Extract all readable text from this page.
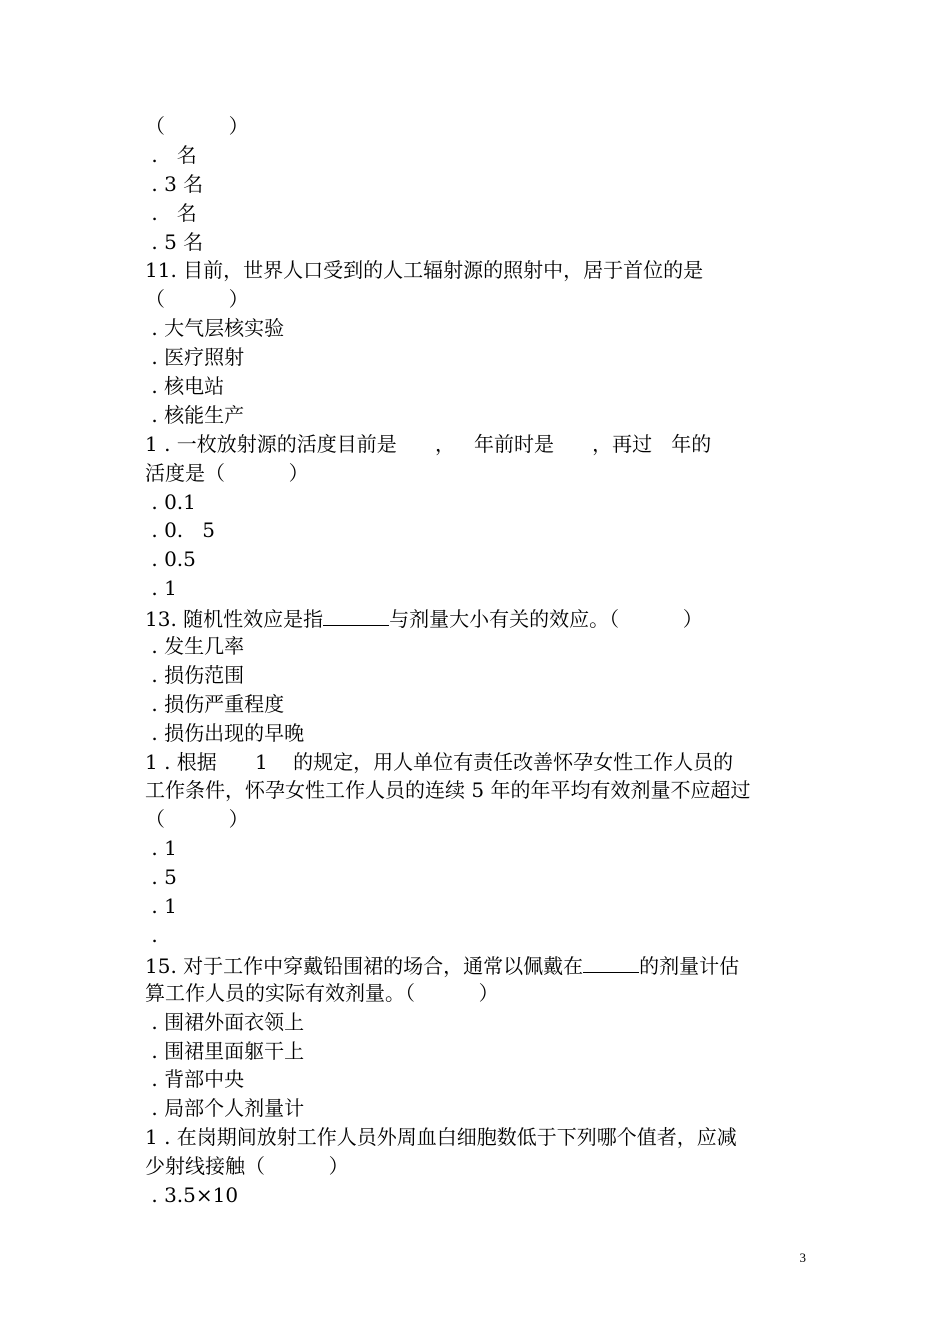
（          ）
.   名
. 3 名
.   名
. 5 名
11. 目前，世界人口受到的人工辐射源的照射中，居于首位的是
（          ）
. 大气层核实验
. 医疗照射
. 核电站
. 核能生产
1 . 一枚放射源的活度目前是      ，   年前时是      ，再过   年的
活度是（          ）
. 0.1
. 0.   5
. 0.5
. 1
13. 随机性效应是指	与剂量大小有关的效应。（          ）
. 发生几率
. 损伤范围
. 损伤严重程度
. 损伤出现的早晚
1 . 根据      1    的规定，用人单位有责任改善怀孕女性工作人员的
工作条件，怀孕女性工作人员的连续 5 年的年平均有效剂量不应超过
（          ）
. 1
. 5
. 1
.
15. 对于工作中穿戴铅围裙的场合，通常以佩戴在	的剂量计估
算工作人员的实际有效剂量。（          ）
. 围裙外面衣领上
. 围裙里面躯干上
. 背部中央
. 局部个人剂量计
1 . 在岗期间放射工作人员外周血白细胞数低于下列哪个值者，应减
少射线接触（          ）
. 3.5×10
3
